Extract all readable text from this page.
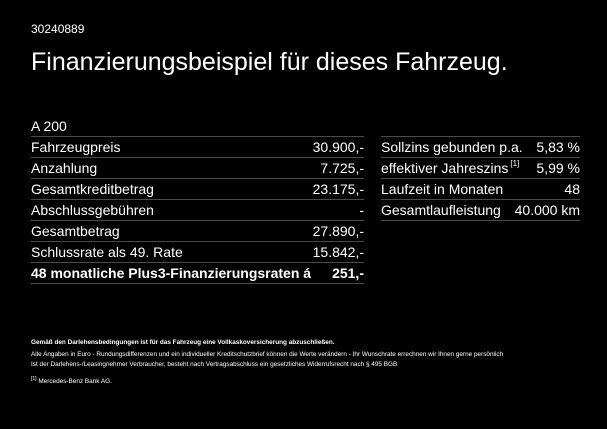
30240889
Finanzierungsbeispiel für dieses Fahrzeug.
A 200
Fahrzeugpreis	30.900,-
Anzahlung	7.725,-
Gesamtkreditbetrag	23.175,-
Abschlussgebühren	-
Gesamtbetrag	27.890,-
Schlussrate als 49. Rate	15.842,-
48 monatliche Plus3-Finanzierungsraten á 251,-
Sollzins gebunden p.a. 5,83 %
effektiver Jahreszins [1] 5,99 %
Laufzeit in Monaten	48
Gesamtlaufleistung 40.000 km
Gemäß den Darlehensbedingungen ist für das Fahrzeug eine Vollkaskoversicherung abzuschließen.
Alle Angaben in Euro - Rundungsdifferenzen und ein individueller Kreditschutzbrief können die Werte verändern - Ihr Wunschrate errechnen wir Ihnen gerne persönlich
Ist der Darlehens-/Leasingnehmer Verbraucher, besteht nach Vertragsabschluss ein gesetzliches Widerrufsrecht nach § 495 BGB
[1] Mercedes-Benz Bank AG.
